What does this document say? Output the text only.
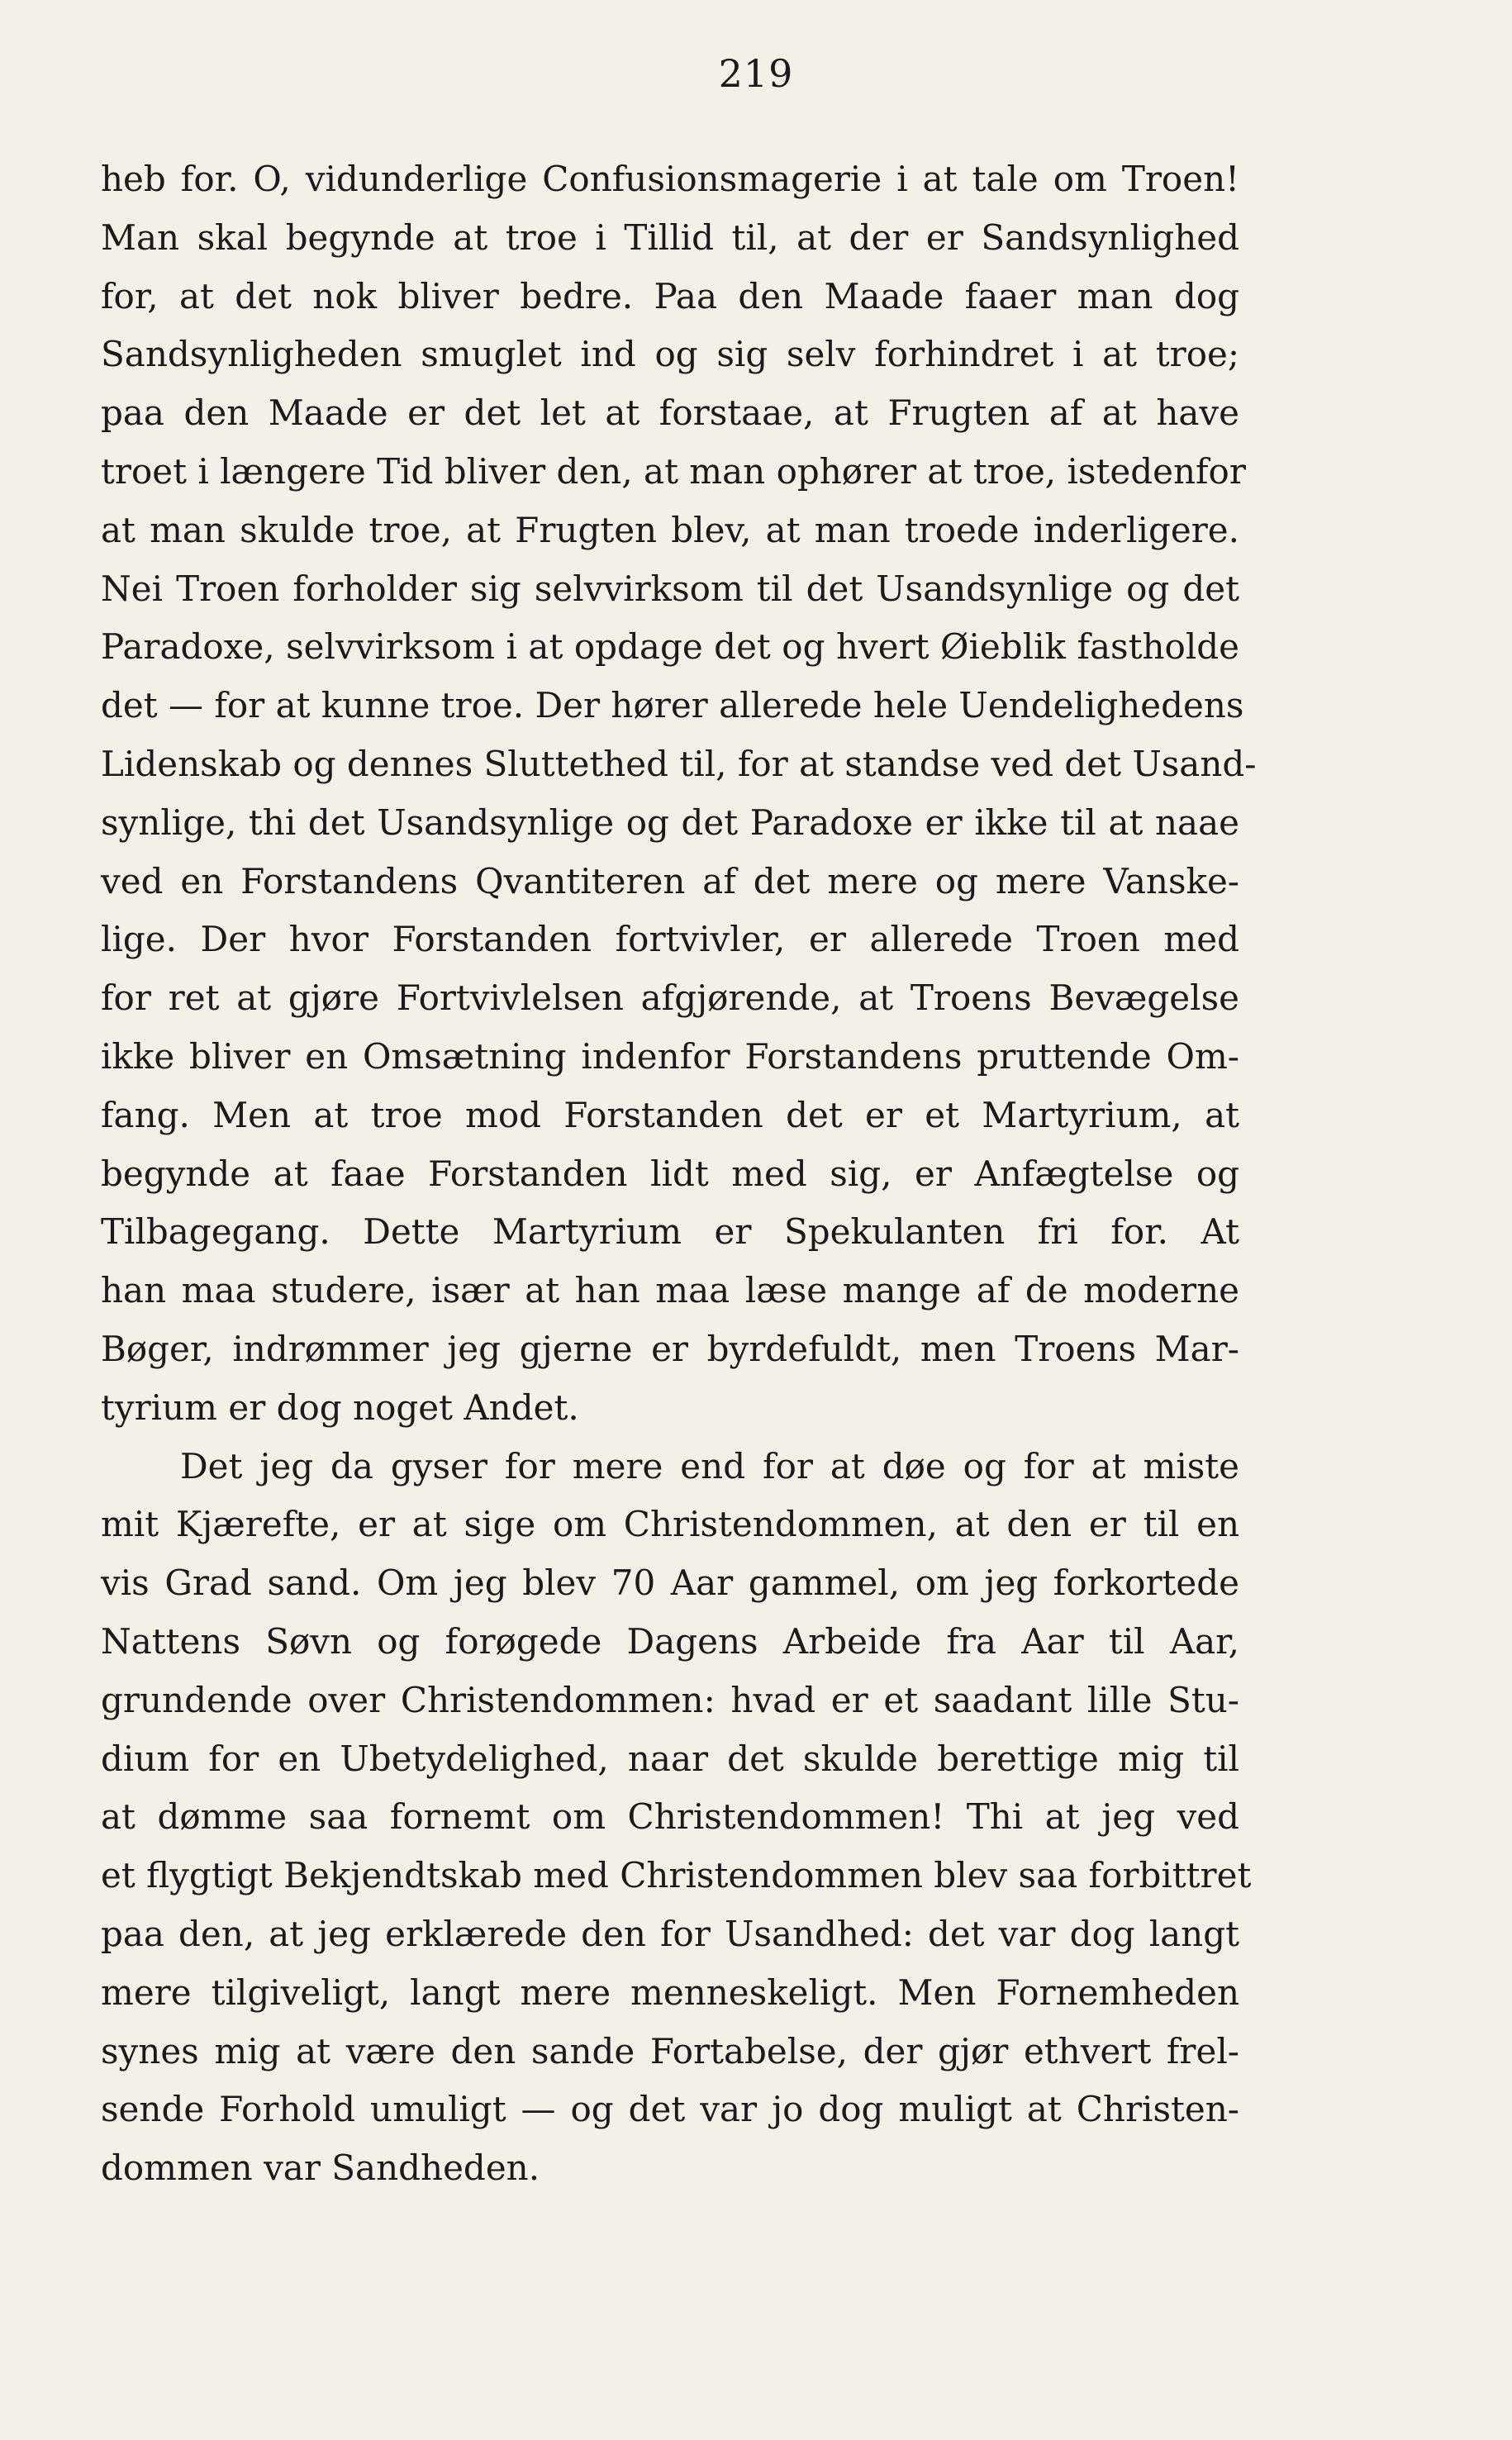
219
heb for. O, vidunderlige Confusionsmagerie i at tale om Troen!
Man skal begynde at troe i Tillid til, at der er Sandsynlighed
for, at det nok bliver bedre. Paa den Maade faaer man dog
Sandsynligheden smuglet ind og sig selv forhindret i at troe;
paa den Maade er det let at forstaae, at Frugten af at have
troet i længere Tid bliver den, at man ophører at troe, istedenfor
at man skulde troe, at Frugten blev, at man troede inderligere.
Nei Troen forholder sig selvvirksom til det Usandsynlige og det
Paradoxe, selvvirksom i at opdage det og hvert Øieblik fastholde
det — for at kunne troe. Der hører allerede hele Uendelighedens
Lidenskab og dennes Sluttethed til, for at standse ved det Usand-
synlige, thi det Usandsynlige og det Paradoxe er ikke til at naae
ved en Forstandens Qvantiteren af det mere og mere Vanske-
lige. Der hvor Forstanden fortvivler, er allerede Troen med
for ret at gjøre Fortvivlelsen afgjørende, at Troens Bevægelse
ikke bliver en Omsætning indenfor Forstandens pruttende Om-
fang. Men at troe mod Forstanden det er et Martyrium, at
begynde at faae Forstanden lidt med sig, er Anfægtelse og
Tilbagegang. Dette Martyrium er Spekulanten fri for. At
han maa studere, især at han maa læse mange af de moderne
Bøger, indrømmer jeg gjerne er byrdefuldt, men Troens Mar-
tyrium er dog noget Andet.
Det jeg da gyser for mere end for at døe og for at miste
mit Kjærefte, er at sige om Christendommen, at den er til en
vis Grad sand. Om jeg blev 70 Aar gammel, om jeg forkortede
Nattens Søvn og forøgede Dagens Arbeide fra Aar til Aar,
grundende over Christendommen: hvad er et saadant lille Stu-
dium for en Ubetydelighed, naar det skulde berettige mig til
at dømme saa fornemt om Christendommen! Thi at jeg ved
et flygtigt Bekjendtskab med Christendommen blev saa forbittret
paa den, at jeg erklærede den for Usandhed: det var dog langt
mere tilgiveligt, langt mere menneskeligt. Men Fornemheden
synes mig at være den sande Fortabelse, der gjør ethvert frel-
sende Forhold umuligt — og det var jo dog muligt at Christen-
dommen var Sandheden.
